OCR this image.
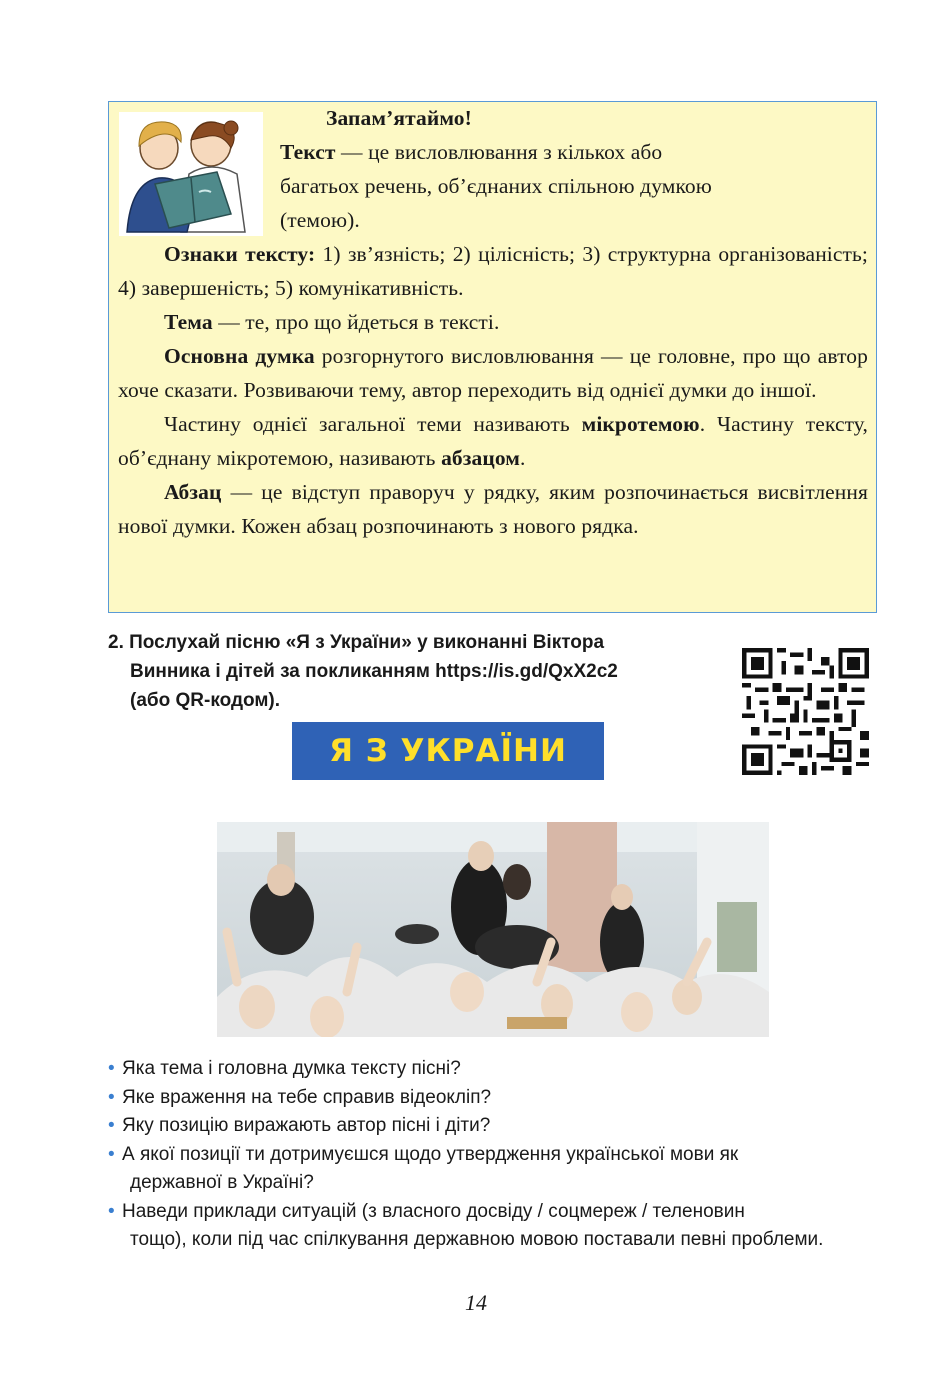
Запам’ятаймо!

Текст — це висловлювання з кількох або

багатьох речень, об’єднаних спільною думкою

(темою).

Ознаки тексту: 1) зв’язність; 2) цілісність; 3) структурна організованість; 4) завершеність; 5) комунікативність.

Тема — те, про що йдеться в тексті.

Основна думка розгорнутого висловлювання — це головне, про що автор хоче сказати. Розвиваючи тему, автор переходить від однієї думки до іншої.

Частину однієї загальної теми називають мікротемою. Частину тексту, об’єднану мікротемою, називають абзацом.

Абзац — це відступ праворуч у рядку, яким розпочинається висвітлення нової думки. Кожен абзац розпочинають з нового рядка.

2. Послухай пісню «Я з України» у виконанні Віктора
Винника і дітей за покликанням https://is.gd/QxX2c2
(або QR-кодом).
Я З УКРАЇНИ
• Яка тема і головна думка тексту пісні?
• Яке враження на тебе справив відеокліп?
• Яку позицію виражають автор пісні і діти?
• А якої позиції ти дотримуєшся щодо утвердження української мови як
державної в Україні?
• Наведи приклади ситуацій (з власного досвіду / соцмереж / теленовин
тощо), коли під час спілкування державною мовою поставали певні проблеми.
14
